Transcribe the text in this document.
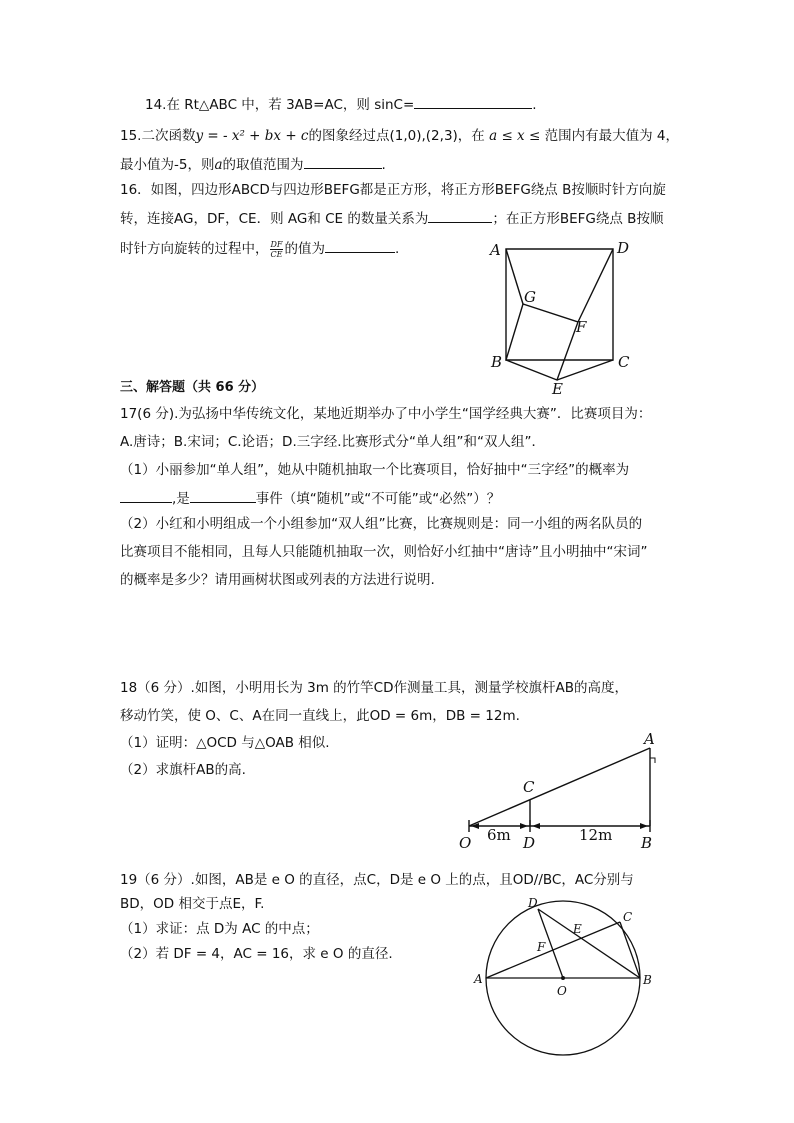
14.在 Rt△ABC 中，若 3AB=AC，则 sinC=	.
15.二次函数y = - x² + bx + c的图象经过点(1,0),(2,3)，在 a ≤ x ≤ 范围内有最大值为 4，
最小值为-5，则a的取值范围为	.
16．如图，四边形ABCD与四边形BEFG都是正方形，将正方形BEFG绕点 B按顺时针方向旋
转，连接AG，DF，CE．则 AG和 CE 的数量关系为	；在正方形BEFG绕点 B按顺
时针方向旋转的过程中， $\frac{DF}{CE}$ 的值为	.	A	D
G
F
B	C
E
三、解答题（共 66 分）
17(6 分).为弘扬中华传统文化，某地近期举办了中小学生“国学经典大赛”．比赛项目为：
A.唐诗；B.宋词；C.论语；D.三字经.比赛形式分“单人组”和“双人组”．
（1）小丽参加“单人组”，她从中随机抽取一个比赛项目，恰好抽中“三字经”的概率为
,是	事件（填“随机”或“不可能”或“必然”）？
（2）小红和小明组成一个小组参加“双人组”比赛，比赛规则是：同一小组的两名队员的
比赛项目不能相同，且每人只能随机抽取一次，则恰好小红抽中“唐诗”且小明抽中“宋词”
的概率是多少？请用画树状图或列表的方法进行说明.
18（6 分）.如图，小明用长为 3m 的竹竿CD作测量工具，测量学校旗杆AB的高度，
移动竹笑，使 O、C、A在同一直线上，此OD = 6m，DB = 12m.
（1）证明：△OCD 与△OAB 相似.
（2）求旗杆AB的高.
A
C
O	D	B
6m	12m
19（6 分）.如图，AB是 e O 的直径，点C，D是 e O 上的点，且OD//BC，AC分别与
BD，OD 相交于点E，F.
（1）求证：点 D为 AC 的中点；
（2）若 DF = 4，AC = 16，求 e O 的直径.
D
C
E
F
A
O
B
